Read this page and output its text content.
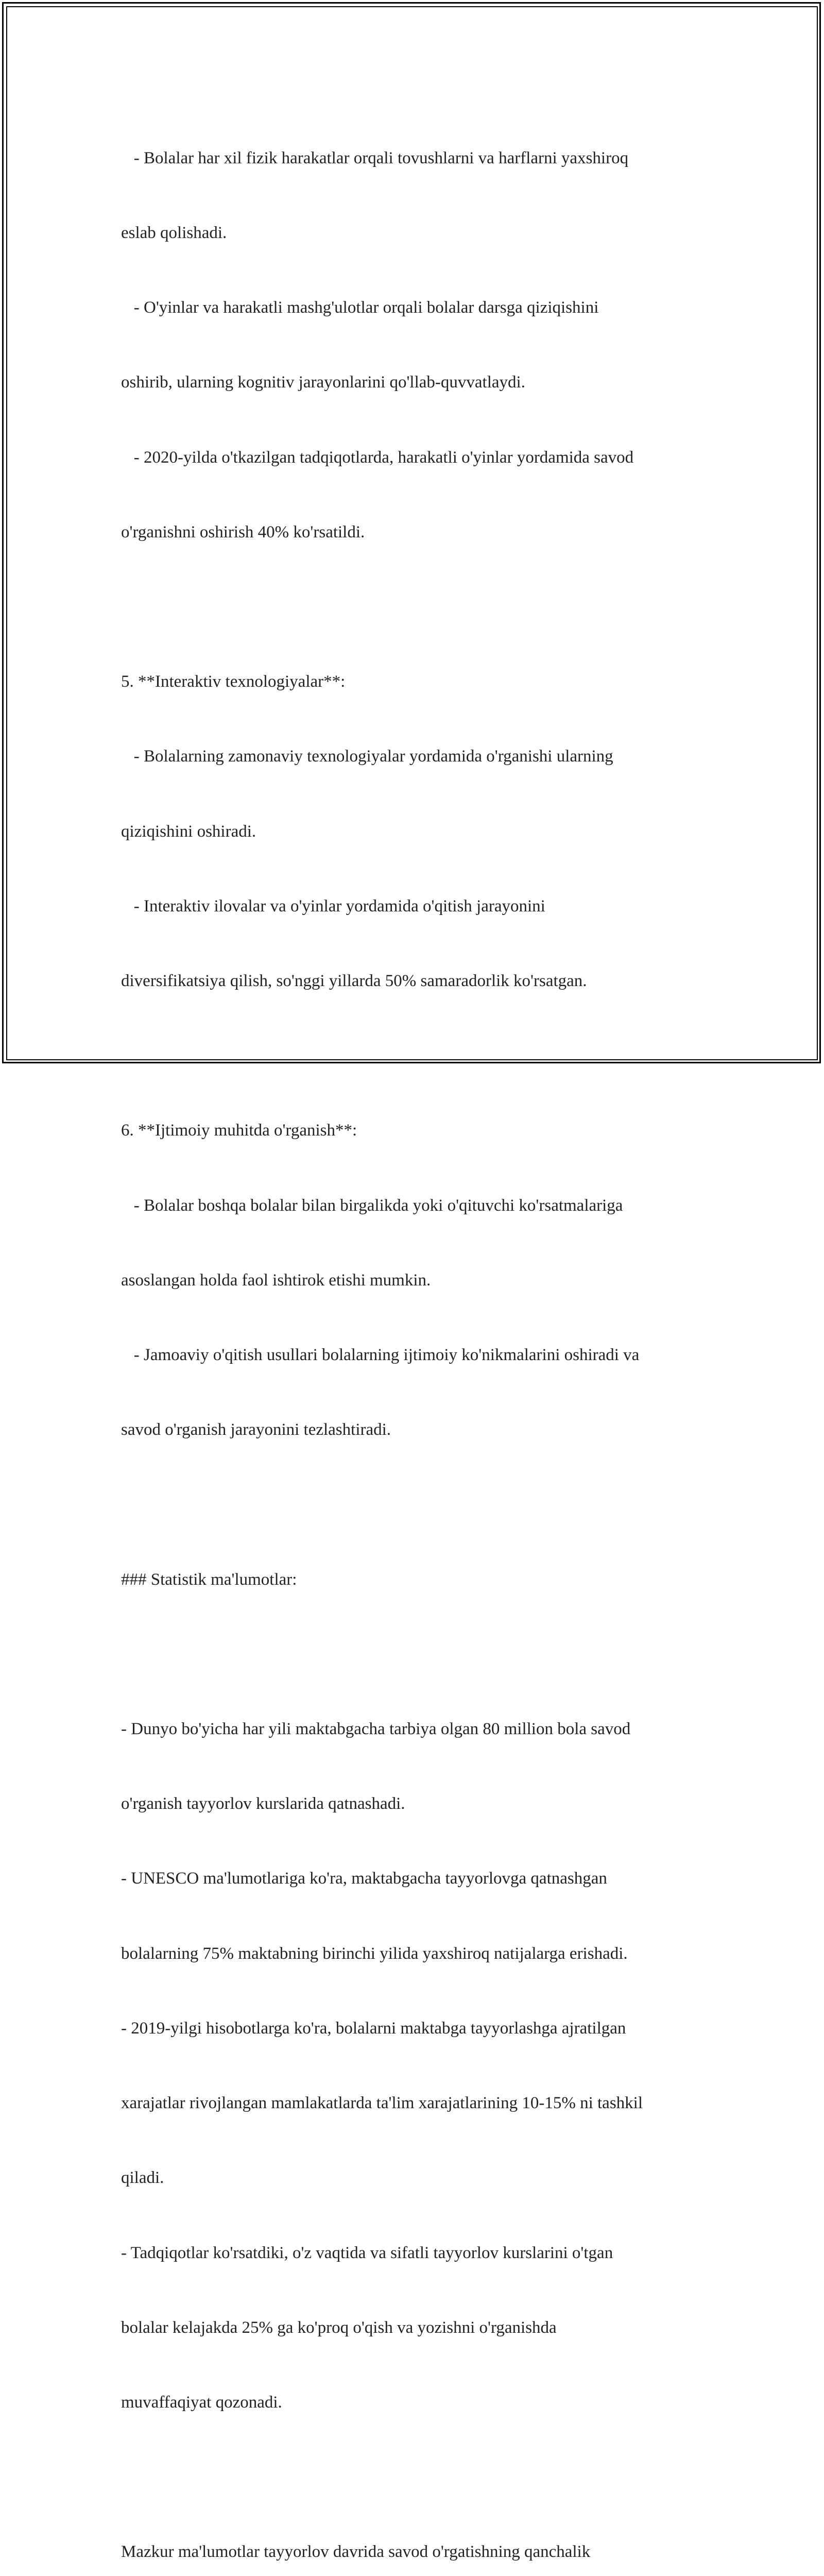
- Bolalar har xil fizik harakatlar orqali tovushlarni va harflarni yaxshiroq

eslab qolishadi.

- O'yinlar va harakatli mashg'ulotlar orqali bolalar darsga qiziqishini

oshirib, ularning kognitiv jarayonlarini qo'llab-quvvatlaydi.

- 2020-yilda o'tkazilgan tadqiqotlarda, harakatli o'yinlar yordamida savod

o'rganishni oshirish 40% ko'rsatildi.

5. **Interaktiv texnologiyalar**:

- Bolalarning zamonaviy texnologiyalar yordamida o'rganishi ularning

qiziqishini oshiradi.

- Interaktiv ilovalar va o'yinlar yordamida o'qitish jarayonini

diversifikatsiya qilish, so'nggi yillarda 50% samaradorlik ko'rsatgan.

6. **Ijtimoiy muhitda o'rganish**:

- Bolalar boshqa bolalar bilan birgalikda yoki o'qituvchi ko'rsatmalariga

asoslangan holda faol ishtirok etishi mumkin.

- Jamoaviy o'qitish usullari bolalarning ijtimoiy ko'nikmalarini oshiradi va

savod o'rganish jarayonini tezlashtiradi.

### Statistik ma'lumotlar:

- Dunyo bo'yicha har yili maktabgacha tarbiya olgan 80 million bola savod

o'rganish tayyorlov kurslarida qatnashadi.

- UNESCO ma'lumotlariga ko'ra, maktabgacha tayyorlovga qatnashgan

bolalarning 75% maktabning birinchi yilida yaxshiroq natijalarga erishadi.

- 2019-yilgi hisobotlarga ko'ra, bolalarni maktabga tayyorlashga ajratilgan

xarajatlar rivojlangan mamlakatlarda ta'lim xarajatlarining 10-15% ni tashkil

qiladi.

- Tadqiqotlar ko'rsatdiki, o'z vaqtida va sifatli tayyorlov kurslarini o'tgan

bolalar kelajakda 25% ga ko'proq o'qish va yozishni o'rganishda

muvaffaqiyat qozonadi.

Mazkur ma'lumotlar tayyorlov davrida savod o'rgatishning qanchalik
